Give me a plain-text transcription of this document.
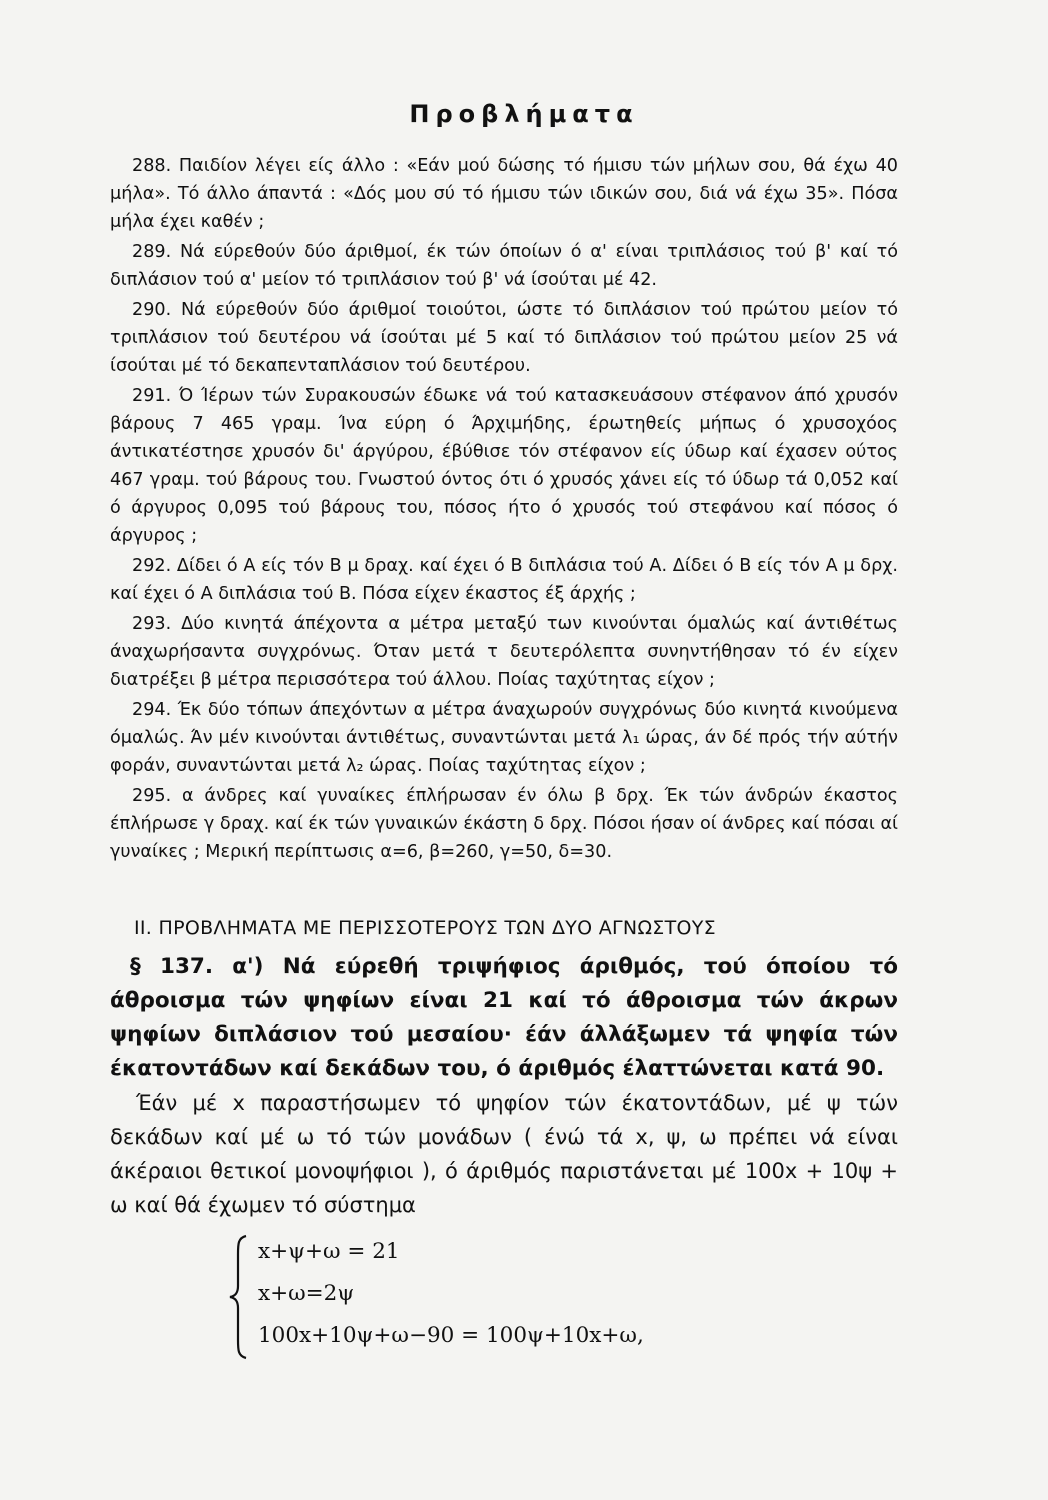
Προβλήματα

288. Παιδίον λέγει είς άλλο : «Εάν μού δώσης τό ήμισυ τών μήλων σου, θά έχω 40 μήλα». Τό άλλο άπαντά : «Δός μου σύ τό ήμισυ τών ιδικών σου, διά νά έχω 35». Πόσα μήλα έχει καθέν ;

289. Νά εύρεθούν δύο άριθμοί, έκ τών όποίων ό α' είναι τριπλάσιος τού β' καί τό διπλάσιον τού α' μείον τό τριπλάσιον τού β' νά ίσούται μέ 42.

290. Νά εύρεθούν δύο άριθμοί τοιούτοι, ώστε τό διπλάσιον τού πρώτου μείον τό τριπλάσιον τού δευτέρου νά ίσούται μέ 5 καί τό διπλάσιον τού πρώτου μείον 25 νά ίσούται μέ τό δεκαπενταπλάσιον τού δευτέρου.

291. Ό Ίέρων τών Συρακουσών έδωκε νά τού κατασκευάσουν στέφανον άπό χρυσόν βάρους 7 465 γραμ. Ίνα εύρη ό Άρχιμήδης, έρωτηθείς μήπως ό χρυσοχόος άντικατέστησε χρυσόν δι' άργύρου, έβύθισε τόν στέφανον είς ύδωρ καί έχασεν ούτος 467 γραμ. τού βάρους του. Γνωστού όντος ότι ό χρυσός χάνει είς τό ύδωρ τά 0,052 καί ό άργυρος 0,095 τού βάρους του, πόσος ήτο ό χρυσός τού στεφάνου καί πόσος ό άργυρος ;

292. Δίδει ό Α είς τόν Β μ δραχ. καί έχει ό Β διπλάσια τού Α. Δίδει ό Β είς τόν Α μ δρχ. καί έχει ό Α διπλάσια τού Β. Πόσα είχεν έκαστος έξ άρχής ;

293. Δύο κινητά άπέχοντα α μέτρα μεταξύ των κινούνται όμαλώς καί άντιθέτως άναχωρήσαντα συγχρόνως. Όταν μετά τ δευτερόλεπτα συνηντήθησαν τό έν είχεν διατρέξει β μέτρα περισσότερα τού άλλου. Ποίας ταχύτητας είχον ;

294. Έκ δύο τόπων άπεχόντων α μέτρα άναχωρούν συγχρόνως δύο κινητά κινούμενα όμαλώς. Άν μέν κινούνται άντιθέτως, συναντώνται μετά λ₁ ώρας, άν δέ πρός τήν αύτήν φοράν, συναντώνται μετά λ₂ ώρας. Ποίας ταχύτητας είχον ;

295. α άνδρες καί γυναίκες έπλήρωσαν έν όλω β δρχ. Έκ τών άνδρών έκαστος έπλήρωσε γ δραχ. καί έκ τών γυναικών έκάστη δ δρχ. Πόσοι ήσαν οί άνδρες καί πόσαι αί γυναίκες ; Μερική περίπτωσις α=6, β=260, γ=50, δ=30.

II. ΠΡΟΒΛΗΜΑΤΑ ΜΕ ΠΕΡΙΣΣΟΤΕΡΟΥΣ ΤΩΝ ΔΥΟ ΑΓΝΩΣΤΟΥΣ

§ 137. α') Νά εύρεθή τριψήφιος άριθμός, τού όποίου τό άθροισμα τών ψηφίων είναι 21 καί τό άθροισμα τών άκρων ψηφίων διπλάσιον τού μεσαίου· έάν άλλάξωμεν τά ψηφία τών έκατοντάδων καί δεκάδων του, ό άριθμός έλαττώνεται κατά 90.

Έάν μέ x παραστήσωμεν τό ψηφίον τών έκατοντάδων, μέ ψ τών δεκάδων καί μέ ω τό τών μονάδων ( ένώ τά x, ψ, ω πρέπει νά είναι άκέραιοι θετικοί μονοψήφιοι ), ό άριθμός παριστάνεται μέ 100x + 10ψ + ω καί θά έχωμεν τό σύστημα

x+ψ+ω = 21
x+ω=2ψ
100x+10ψ+ω−90 = 100ψ+10x+ω,
